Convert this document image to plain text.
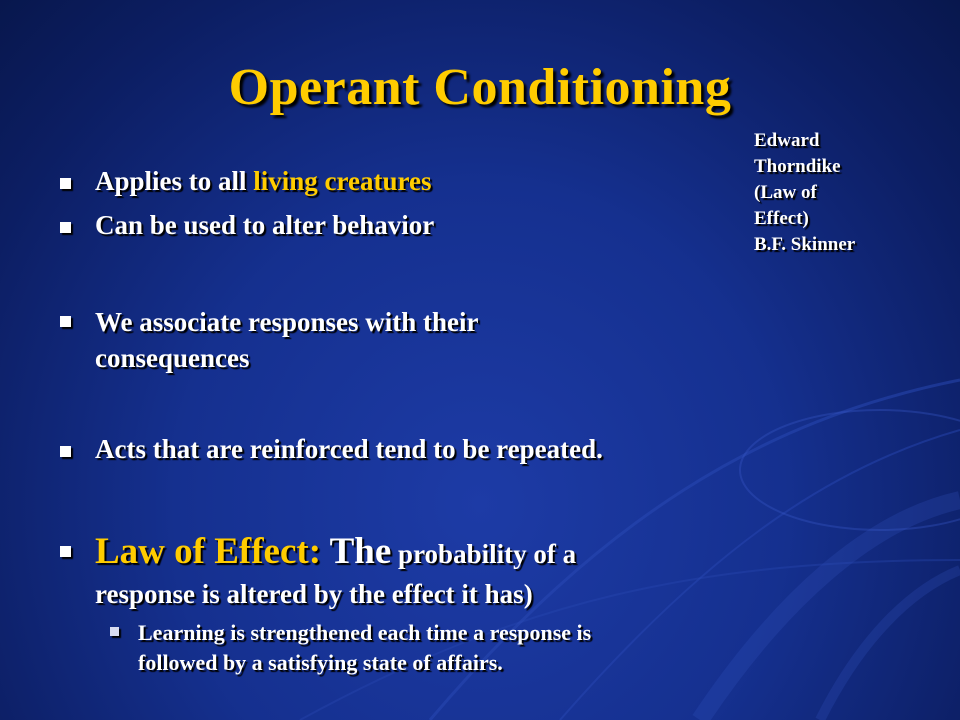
Operant Conditioning
Edward
Thorndike
(Law of
Effect)
B.F. Skinner
Applies to all living creatures
Can be used to alter behavior
We associate responses with their
consequences
Acts that are reinforced tend to be repeated.
Law of Effect: The probability of a
response is altered by the effect it has)
Learning is strengthened each time a response is
followed by a satisfying state of affairs.
